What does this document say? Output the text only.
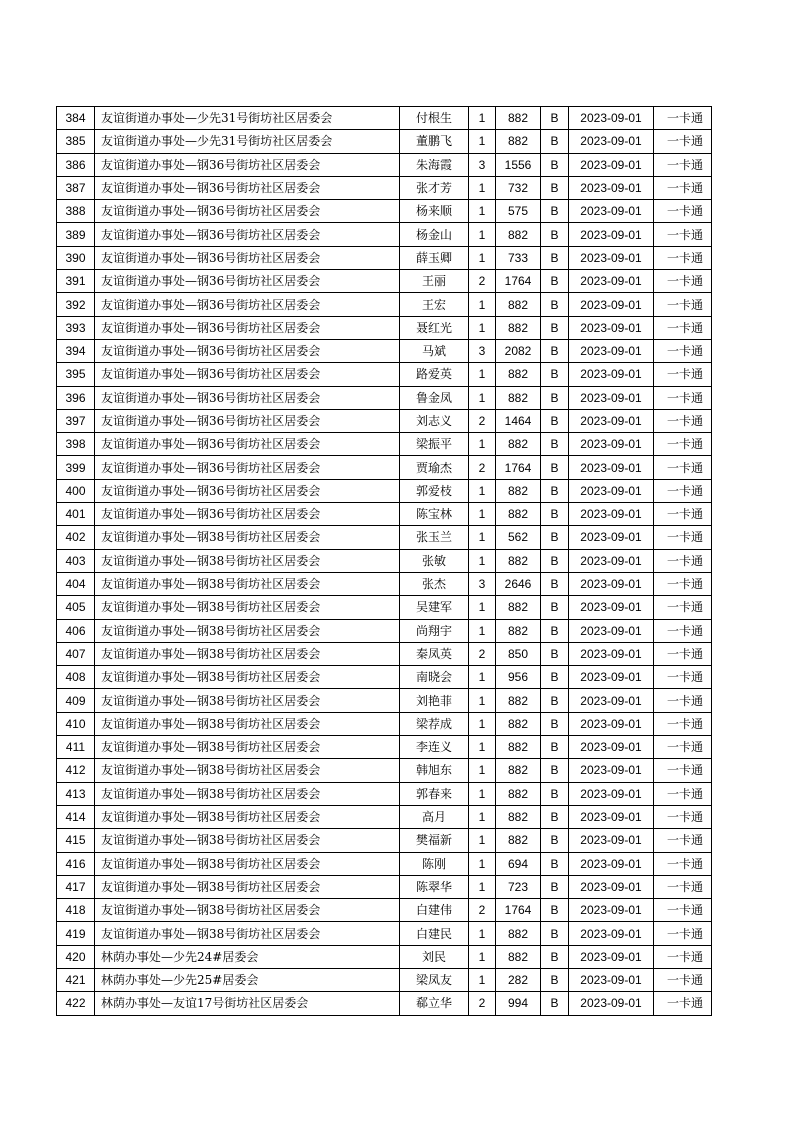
384	友谊街道办事处—少先31号街坊社区居委会	付根生	1	882	B	2023-09-01	一卡通
385	友谊街道办事处—少先31号街坊社区居委会	董鹏飞	1	882	B	2023-09-01	一卡通
386	友谊街道办事处—钢36号街坊社区居委会	朱海霞	3	1556	B	2023-09-01	一卡通
387	友谊街道办事处—钢36号街坊社区居委会	张才芳	1	732	B	2023-09-01	一卡通
388	友谊街道办事处—钢36号街坊社区居委会	杨来顺	1	575	B	2023-09-01	一卡通
389	友谊街道办事处—钢36号街坊社区居委会	杨金山	1	882	B	2023-09-01	一卡通
390	友谊街道办事处—钢36号街坊社区居委会	薛玉卿	1	733	B	2023-09-01	一卡通
391	友谊街道办事处—钢36号街坊社区居委会	王丽	2	1764	B	2023-09-01	一卡通
392	友谊街道办事处—钢36号街坊社区居委会	王宏	1	882	B	2023-09-01	一卡通
393	友谊街道办事处—钢36号街坊社区居委会	聂红光	1	882	B	2023-09-01	一卡通
394	友谊街道办事处—钢36号街坊社区居委会	马斌	3	2082	B	2023-09-01	一卡通
395	友谊街道办事处—钢36号街坊社区居委会	路爱英	1	882	B	2023-09-01	一卡通
396	友谊街道办事处—钢36号街坊社区居委会	鲁金凤	1	882	B	2023-09-01	一卡通
397	友谊街道办事处—钢36号街坊社区居委会	刘志义	2	1464	B	2023-09-01	一卡通
398	友谊街道办事处—钢36号街坊社区居委会	梁振平	1	882	B	2023-09-01	一卡通
399	友谊街道办事处—钢36号街坊社区居委会	贾瑜杰	2	1764	B	2023-09-01	一卡通
400	友谊街道办事处—钢36号街坊社区居委会	郭爱枝	1	882	B	2023-09-01	一卡通
401	友谊街道办事处—钢36号街坊社区居委会	陈宝林	1	882	B	2023-09-01	一卡通
402	友谊街道办事处—钢38号街坊社区居委会	张玉兰	1	562	B	2023-09-01	一卡通
403	友谊街道办事处—钢38号街坊社区居委会	张敏	1	882	B	2023-09-01	一卡通
404	友谊街道办事处—钢38号街坊社区居委会	张杰	3	2646	B	2023-09-01	一卡通
405	友谊街道办事处—钢38号街坊社区居委会	吴建军	1	882	B	2023-09-01	一卡通
406	友谊街道办事处—钢38号街坊社区居委会	尚翔宇	1	882	B	2023-09-01	一卡通
407	友谊街道办事处—钢38号街坊社区居委会	秦凤英	2	850	B	2023-09-01	一卡通
408	友谊街道办事处—钢38号街坊社区居委会	南晓会	1	956	B	2023-09-01	一卡通
409	友谊街道办事处—钢38号街坊社区居委会	刘艳菲	1	882	B	2023-09-01	一卡通
410	友谊街道办事处—钢38号街坊社区居委会	梁荐成	1	882	B	2023-09-01	一卡通
411	友谊街道办事处—钢38号街坊社区居委会	李连义	1	882	B	2023-09-01	一卡通
412	友谊街道办事处—钢38号街坊社区居委会	韩旭东	1	882	B	2023-09-01	一卡通
413	友谊街道办事处—钢38号街坊社区居委会	郭春来	1	882	B	2023-09-01	一卡通
414	友谊街道办事处—钢38号街坊社区居委会	高月	1	882	B	2023-09-01	一卡通
415	友谊街道办事处—钢38号街坊社区居委会	樊福新	1	882	B	2023-09-01	一卡通
416	友谊街道办事处—钢38号街坊社区居委会	陈刚	1	694	B	2023-09-01	一卡通
417	友谊街道办事处—钢38号街坊社区居委会	陈翠华	1	723	B	2023-09-01	一卡通
418	友谊街道办事处—钢38号街坊社区居委会	白建伟	2	1764	B	2023-09-01	一卡通
419	友谊街道办事处—钢38号街坊社区居委会	白建民	1	882	B	2023-09-01	一卡通
420	林荫办事处—少先24#居委会	刘民	1	882	B	2023-09-01	一卡通
421	林荫办事处—少先25#居委会	梁凤友	1	282	B	2023-09-01	一卡通
422	林荫办事处—友谊17号街坊社区居委会	郗立华	2	994	B	2023-09-01	一卡通
